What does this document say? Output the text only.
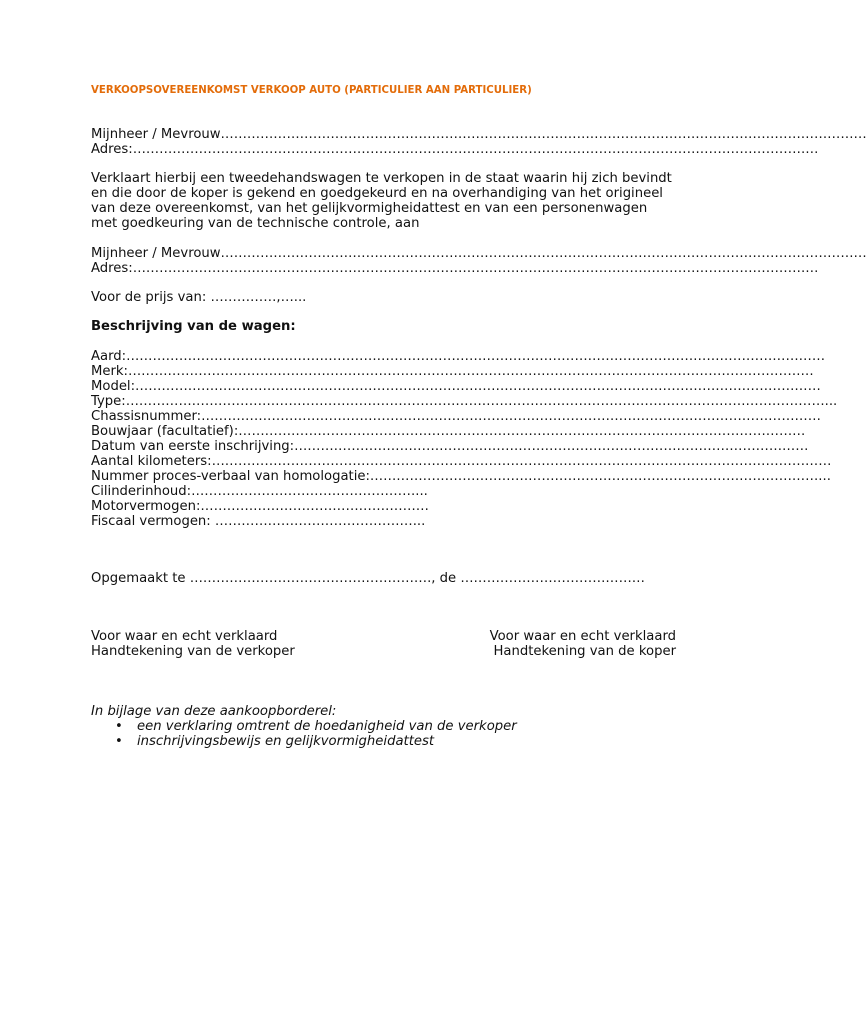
VERKOOPSOVEREENKOMST VERKOOP AUTO (PARTICULIER AAN PARTICULIER)
Mijnheer / Mevrouw…………………………………………………………………………………………………………………………………
Adres:…………………………………………………………………………………………………………………………………………
Verklaart hierbij een tweedehandswagen te verkopen in de staat waarin hij zich bevindt en die door de koper is gekend en goedgekeurd en na overhandiging van het origineel van deze overeenkomst, van het gelijkvormigheidattest en van een personenwagen met goedkeuring van de technische controle, aan
Mijnheer / Mevrouw…………………………………………………………………………………………………………………………………
Adres:…………………………………………………………………………………………………………………………………………
Voor de prijs van: ……………,…...
Beschrijving van de wagen:
Aard:……………………………………………………………………………………………………………………………………………
Merk:…………………………………………………………………………………………………………………………………………
Model:…………………………………………………………………………………………………………………………………………
Type:……………………………………………………………………………………………………………………………………………...
Chassisnummer:……………………………………………………………………………………………………………………………
Bouwjaar (facultatief):…………………………………………………………………………………………………………………
Datum van eerste inschrijving:………………………………………………………………………………………………………
Aantal kilometers:……………………………………………………………………………………………………………………………
Nummer proces-verbaal van homologatie:…………………………………………………………………………………………...
Cilinderinhoud:……………………………………………...
Motorvermogen:…………………………………………….
Fiscaal vermogen: ………………………………………...
Opgemaakt te ………………………………………………., de ……………………………………
Voor waar en echt verklaard
Handtekening van de verkoper
Voor waar en echt verklaard
Handtekening van de koper
In bijlage van deze aankoopborderel:
• een verklaring omtrent de hoedanigheid van de verkoper
• inschrijvingsbewijs en gelijkvormigheidattest
